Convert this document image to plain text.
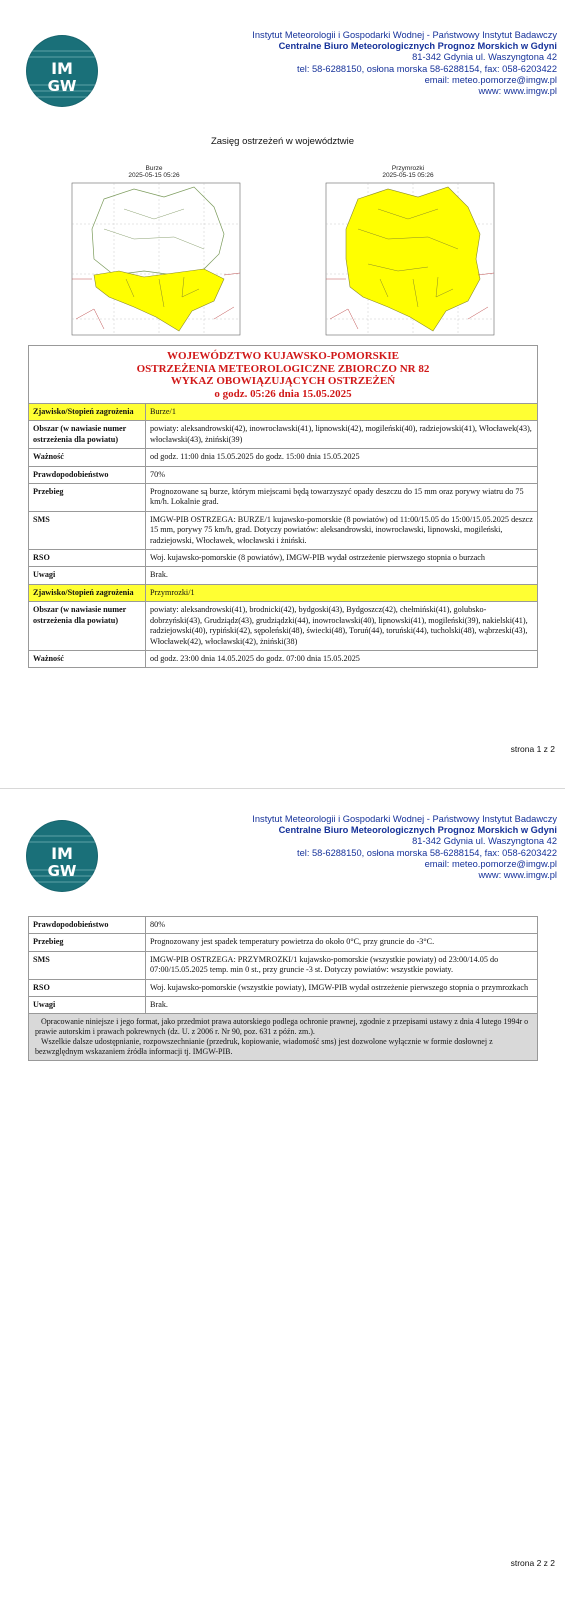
IM
GW
Instytut Meteorologii i Gospodarki Wodnej - Państwowy Instytut Badawczy
Centralne Biuro Meteorologicznych Prognoz Morskich w Gdyni
81-342 Gdynia ul. Waszyngtona 42
tel: 58-6288150, osłona morska 58-6288154, fax: 058-6203422
email: meteo.pomorze@imgw.pl
www: www.imgw.pl
Zasięg ostrzeżeń w województwie
Burze
2025-05-15 05:26
Przymrozki
2025-05-15 05:26
WOJEWÓDZTWO KUJAWSKO-POMORSKIE
OSTRZEŻENIA METEOROLOGICZNE ZBIORCZO NR 82
WYKAZ OBOWIĄZUJĄCYCH OSTRZEŻEŃ
o godz. 05:26 dnia 15.05.2025	

Zjawisko/Stopień zagrożenia	Burze/1
Obszar (w nawiasie numer ostrzeżenia dla powiatu)	powiaty: aleksandrowski(42), inowrocławski(41), lipnowski(42), mogileński(40), radziejowski(41), Włocławek(43), włocławski(43), żniński(39)
Ważność	od godz. 11:00 dnia 15.05.2025 do godz. 15:00 dnia 15.05.2025
Prawdopodobieństwo	70%
Przebieg	Prognozowane są burze, którym miejscami będą towarzyszyć opady deszczu do 15 mm oraz porywy wiatru do 75 km/h. Lokalnie grad.
SMS	IMGW-PIB OSTRZEGA: BURZE/1 kujawsko-pomorskie (8 powiatów) od 11:00/15.05 do 15:00/15.05.2025 deszcz 15 mm, porywy 75 km/h, grad. Dotyczy powiatów: aleksandrowski, inowrocławski, lipnowski, mogileński, radziejowski, Włocławek, włocławski i żniński.
RSO	Woj. kujawsko-pomorskie (8 powiatów), IMGW-PIB wydał ostrzeżenie pierwszego stopnia o burzach
Uwagi	Brak.
Zjawisko/Stopień zagrożenia	Przymrozki/1
Obszar (w nawiasie numer ostrzeżenia dla powiatu)	powiaty: aleksandrowski(41), brodnicki(42), bydgoski(43), Bydgoszcz(42), chełmiński(41), golubsko-dobrzyński(43), Grudziądz(43), grudziądzki(44), inowrocławski(40), lipnowski(41), mogileński(39), nakielski(41), radziejowski(40), rypiński(42), sępoleński(48), świecki(48), Toruń(44), toruński(44), tucholski(48), wąbrzeski(43), Włocławek(42), włocławski(42), żniński(38)
Ważność	od godz. 23:00 dnia 14.05.2025 do godz. 07:00 dnia 15.05.2025
strona 1 z 2
IM
GW
Instytut Meteorologii i Gospodarki Wodnej - Państwowy Instytut Badawczy
Centralne Biuro Meteorologicznych Prognoz Morskich w Gdyni
81-342 Gdynia ul. Waszyngtona 42
tel: 58-6288150, osłona morska 58-6288154, fax: 058-6203422
email: meteo.pomorze@imgw.pl
www: www.imgw.pl
Prawdopodobieństwo	80%
Przebieg	Prognozowany jest spadek temperatury powietrza do około 0°C, przy gruncie do -3°C.
SMS	IMGW-PIB OSTRZEGA: PRZYMROZKI/1 kujawsko-pomorskie (wszystkie powiaty) od 23:00/14.05 do 07:00/15.05.2025 temp. min 0 st., przy gruncie -3 st. Dotyczy powiatów: wszystkie powiaty.
RSO	Woj. kujawsko-pomorskie (wszystkie powiaty), IMGW-PIB wydał ostrzeżenie pierwszego stopnia o przymrozkach
Uwagi	Brak.

Opracowanie niniejsze i jego format, jako przedmiot prawa autorskiego podlega ochronie prawnej, zgodnie z przepisami ustawy z dnia 4 lutego 1994r o prawie autorskim i prawach pokrewnych (dz. U. z 2006 r. Nr 90, poz. 631 z późn. zm.).
Wszelkie dalsze udostępnianie, rozpowszechnianie (przedruk, kopiowanie, wiadomość sms) jest dozwolone wyłącznie w formie dosłownej z bezwzględnym wskazaniem źródła informacji tj. IMGW-PIB.	
strona 2 z 2
